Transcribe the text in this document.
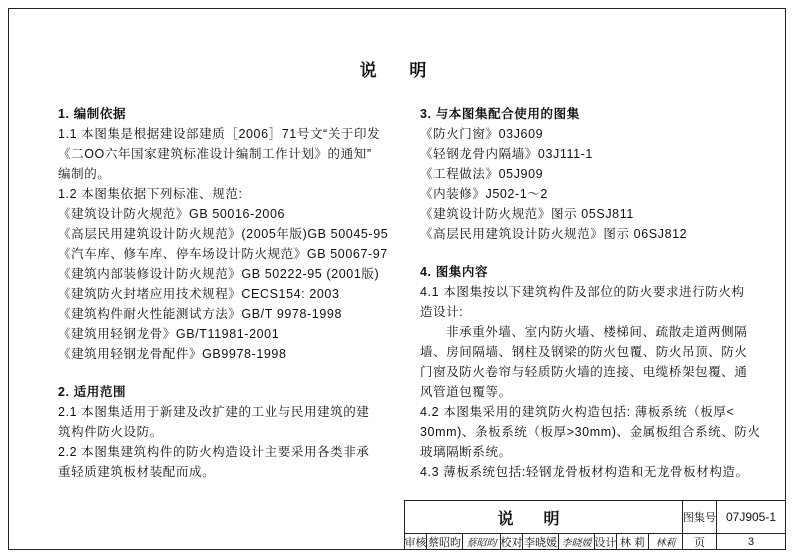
说 明
1. 编制依据
1.1 本图集是根据建设部建质［2006］71号文“关于印发
《二OO六年国家建筑标准设计编制工作计划》的通知”
编制的。
1.2 本图集依据下列标准、规范:
《建筑设计防火规范》GB 50016-2006
《高层民用建筑设计防火规范》(2005年版)GB 50045-95
《汽车库、修车库、停车场设计防火规范》GB 50067-97
《建筑内部装修设计防火规范》GB 50222-95 (2001版)
《建筑防火封堵应用技术规程》CECS154: 2003
《建筑构件耐火性能测试方法》GB/T 9978-1998
《建筑用轻钢龙骨》GB/T11981-2001
《建筑用轻钢龙骨配件》GB9978-1998
2. 适用范围
2.1 本图集适用于新建及改扩建的工业与民用建筑的建
筑构件防火设防。
2.2 本图集建筑构件的防火构造设计主要采用各类非承
重轻质建筑板材装配而成。
3. 与本图集配合使用的图集
《防火门窗》03J609
《轻钢龙骨内隔墙》03J111-1
《工程做法》05J909
《内装修》J502-1～2
《建筑设计防火规范》图示 05SJ811
《高层民用建筑设计防火规范》图示 06SJ812
4. 图集内容
4.1 本图集按以下建筑构件及部位的防火要求进行防火构
造设计:
非承重外墙、室内防火墙、楼梯间、疏散走道两侧隔
墙、房间隔墙、钢柱及钢梁的防火包覆、防火吊顶、防火
门窗及防火卷帘与轻质防火墙的连接、电缆桥架包覆、通
风管道包覆等。
4.2 本图集采用的建筑防火构造包括: 薄板系统（板厚<
30mm)、条板系统（板厚>30mm)、金属板组合系统、防火
玻璃隔断系统。
4.3 薄板系统包括:轻钢龙骨板材构造和无龙骨板材构造。
说明	图集号 07J905-1
审核 蔡昭昀 蔡昭昀 校对 李晓媛 李晓媛 设计 林 莉	林莉	页	3
